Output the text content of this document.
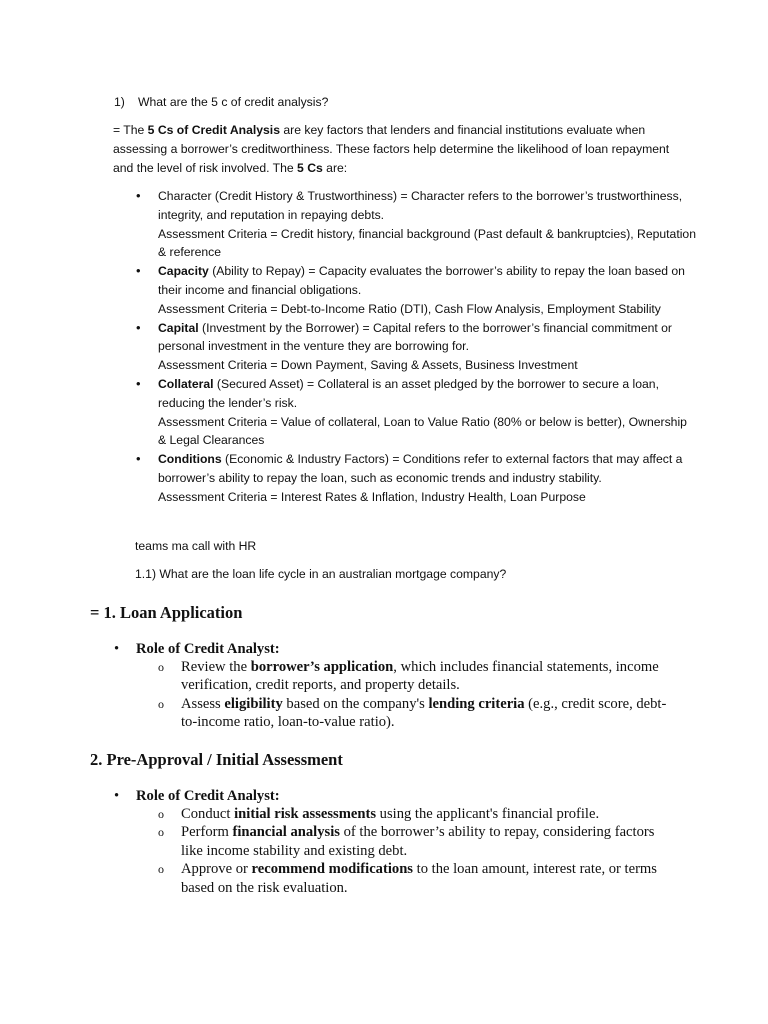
1) What are the 5 c of credit analysis?
= The 5 Cs of Credit Analysis are key factors that lenders and financial institutions evaluate when assessing a borrower’s creditworthiness. These factors help determine the likelihood of loan repayment and the level of risk involved. The 5 Cs are:
• Character (Credit History & Trustworthiness) = Character refers to the borrower’s trustworthiness, integrity, and reputation in repaying debts.
Assessment Criteria = Credit history, financial background (Past default & bankruptcies), Reputation & reference
• Capacity (Ability to Repay) = Capacity evaluates the borrower’s ability to repay the loan based on their income and financial obligations.
Assessment Criteria = Debt-to-Income Ratio (DTI), Cash Flow Analysis, Employment Stability
• Capital (Investment by the Borrower) = Capital refers to the borrower’s financial commitment or personal investment in the venture they are borrowing for.
Assessment Criteria = Down Payment, Saving & Assets, Business Investment
• Collateral (Secured Asset) = Collateral is an asset pledged by the borrower to secure a loan, reducing the lender’s risk.
Assessment Criteria = Value of collateral, Loan to Value Ratio (80% or below is better), Ownership & Legal Clearances
• Conditions (Economic & Industry Factors) = Conditions refer to external factors that may affect a borrower’s ability to repay the loan, such as economic trends and industry stability.
Assessment Criteria = Interest Rates & Inflation, Industry Health, Loan Purpose
teams ma call with HR
1.1) What are the loan life cycle in an australian mortgage company?
= 1. Loan Application
• Role of Credit Analyst:
o Review the borrower’s application, which includes financial statements, income verification, credit reports, and property details.
o Assess eligibility based on the company's lending criteria (e.g., credit score, debt-to-income ratio, loan-to-value ratio).
2. Pre-Approval / Initial Assessment
• Role of Credit Analyst:
o Conduct initial risk assessments using the applicant's financial profile.
o Perform financial analysis of the borrower’s ability to repay, considering factors like income stability and existing debt.
o Approve or recommend modifications to the loan amount, interest rate, or terms based on the risk evaluation.
